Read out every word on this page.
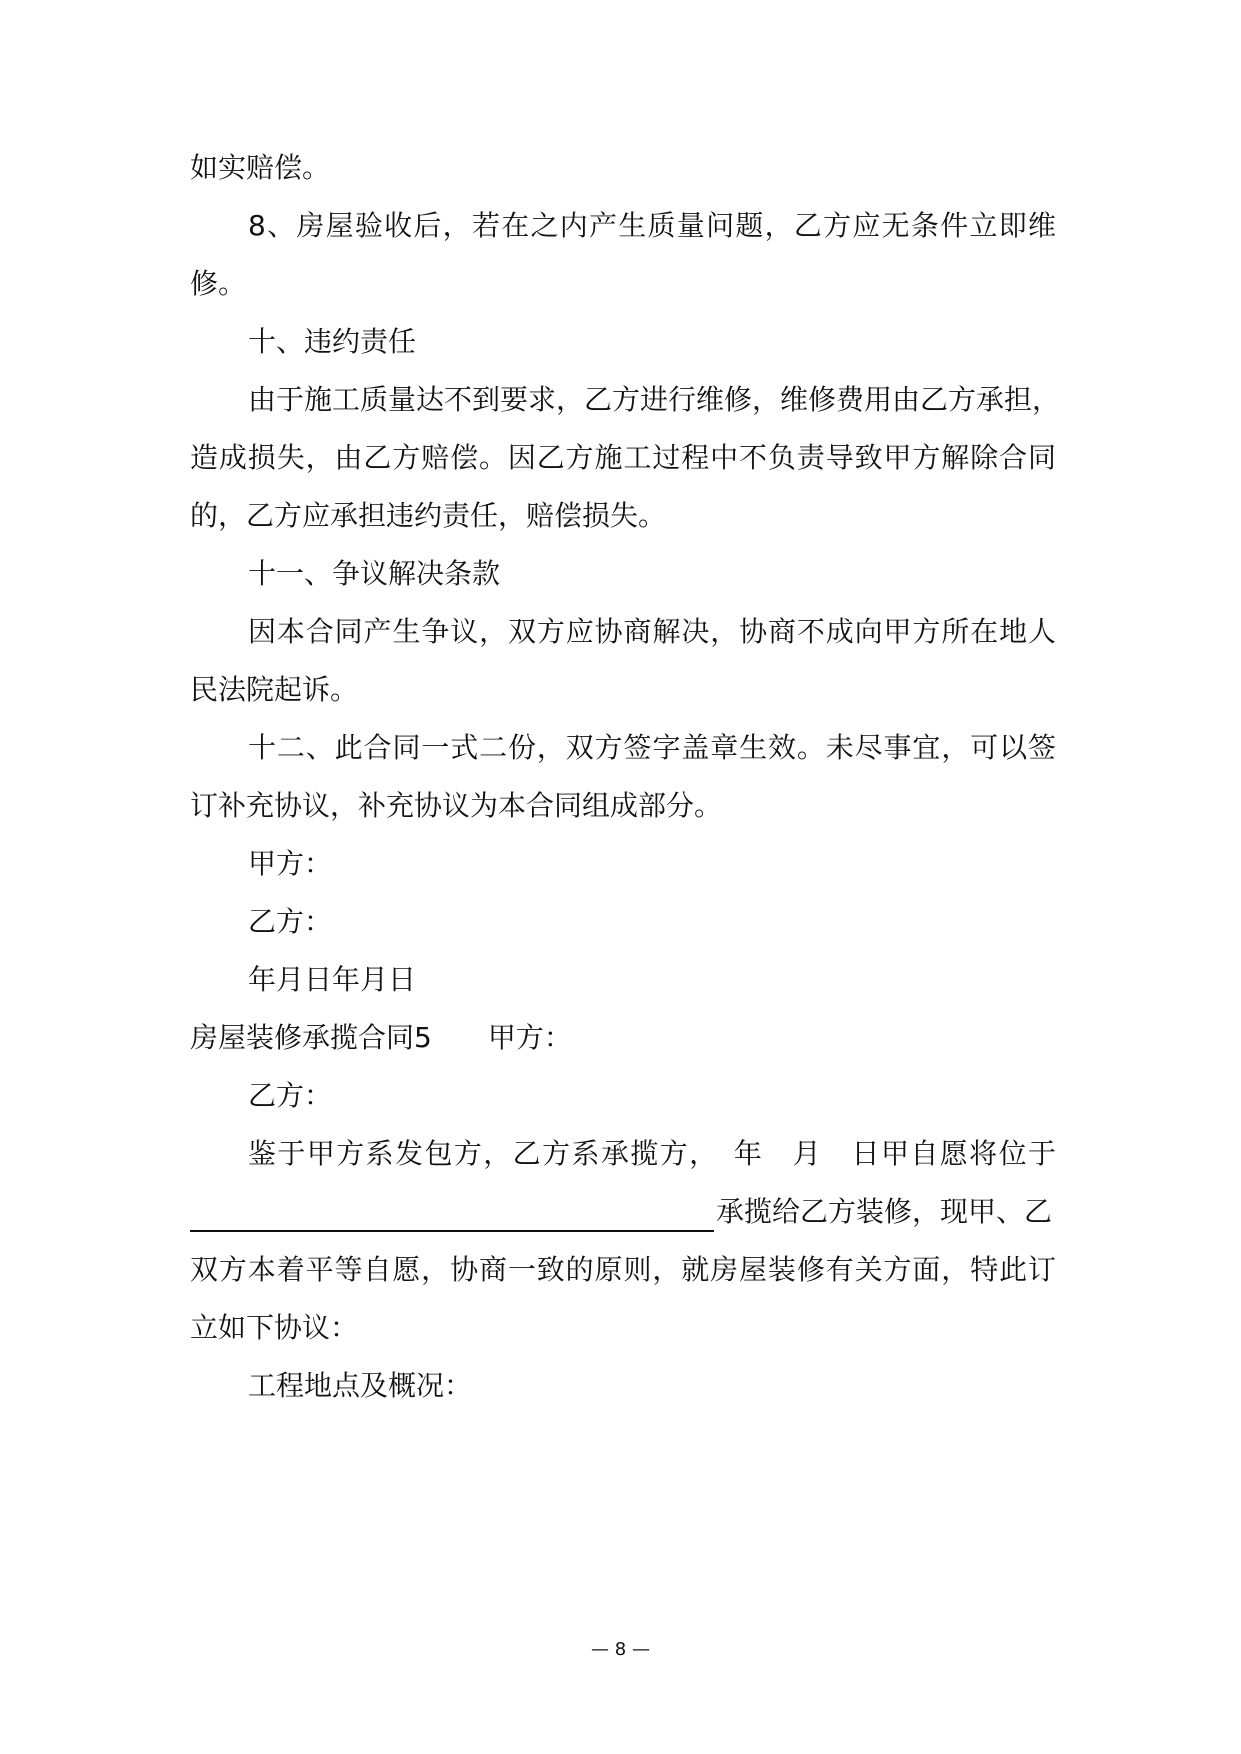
如实赔偿。
8、房屋验收后，若在之内产生质量问题，乙方应无条件立即维
修。
十、违约责任
由于施工质量达不到要求，乙方进行维修，维修费用由乙方承担，
造成损失，由乙方赔偿。因乙方施工过程中不负责导致甲方解除合同
的，乙方应承担违约责任，赔偿损失。
十一、争议解决条款
因本合同产生争议，双方应协商解决，协商不成向甲方所在地人
民法院起诉。
十二、此合同一式二份，双方签字盖章生效。未尽事宜，可以签
订补充协议，补充协议为本合同组成部分。
甲方：
乙方：
年月日年月日
房屋装修承揽合同5 甲方：
乙方：
鉴于甲方系发包方，乙方系承揽方，　年　月　日甲自愿将位于
承揽给乙方装修，现甲、乙
双方本着平等自愿，协商一致的原则，就房屋装修有关方面，特此订
立如下协议：
工程地点及概况：
— 8 —
